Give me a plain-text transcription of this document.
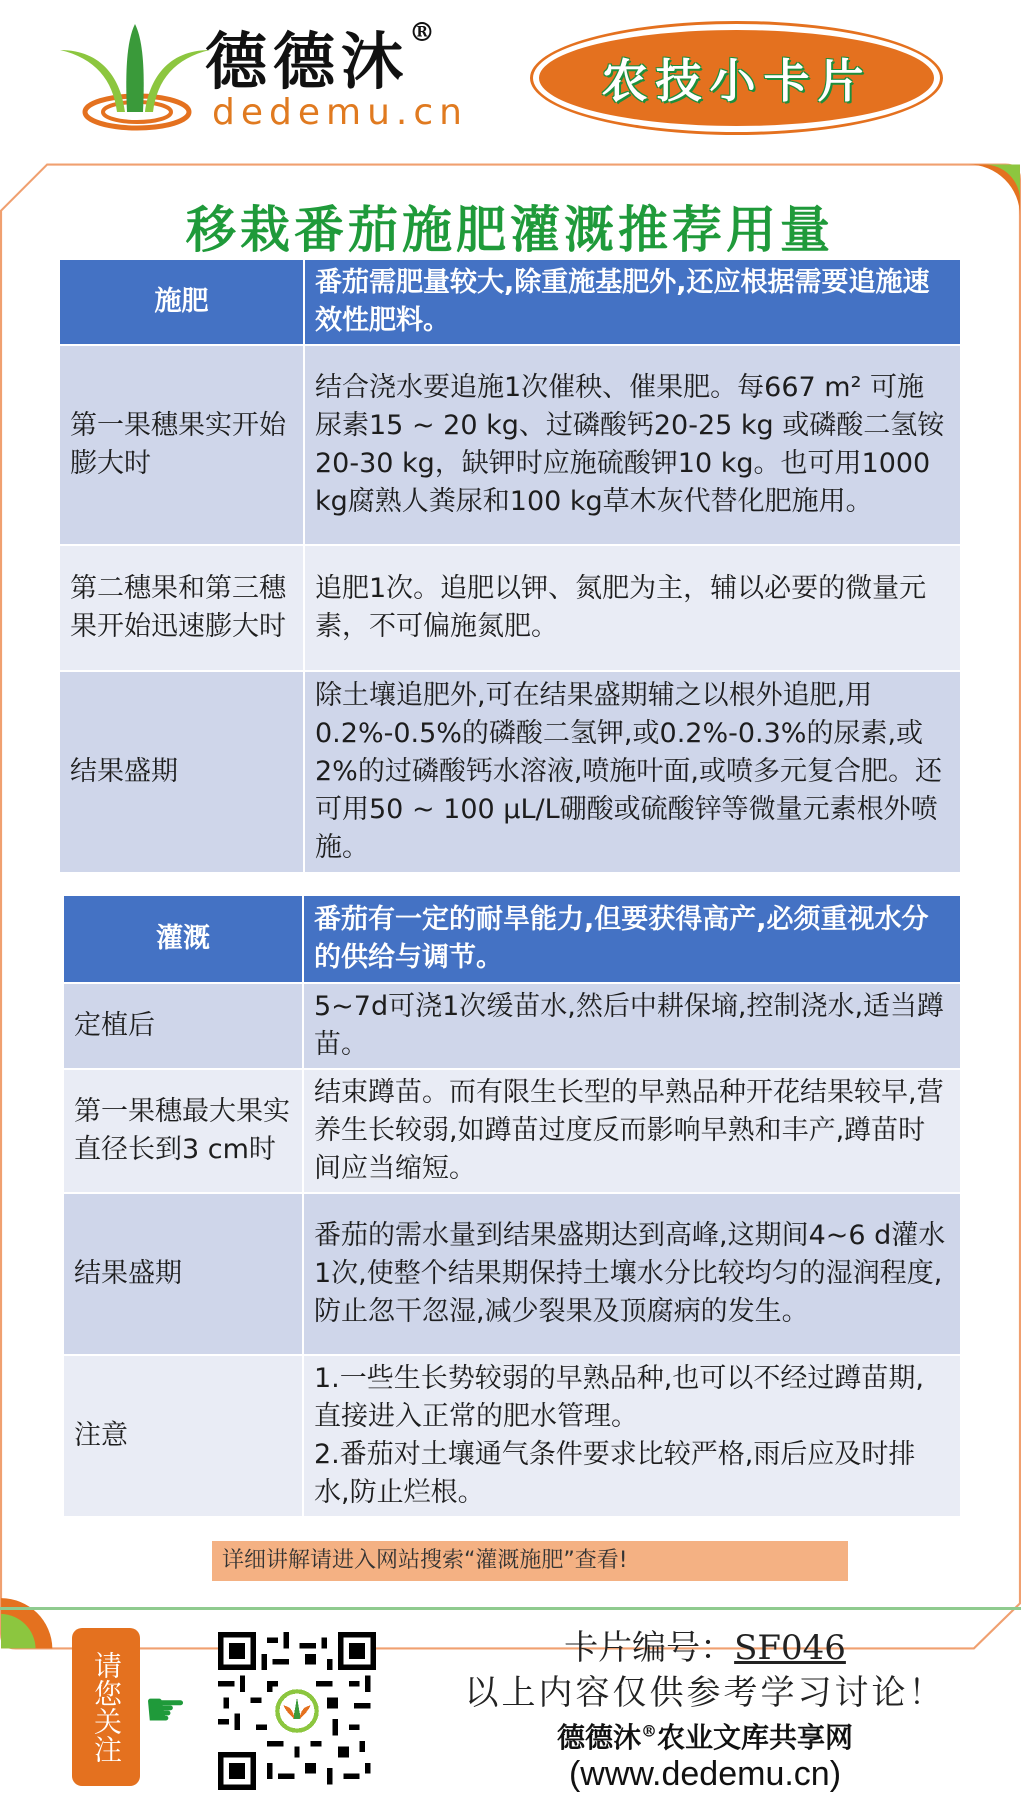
德德沐®
dedemu.cn
农技小卡片
移栽番茄施肥灌溉推荐用量
施肥	番茄需肥量较大,除重施基肥外,还应根据需要追施速效性肥料。
第一果穗果实开始膨大时	结合浇水要追施1次催秧、催果肥。每667 m² 可施尿素15 ~ 20 kg、过磷酸钙20-25 kg 或磷酸二氢铵20-30 kg，缺钾时应施硫酸钾10 kg。也可用1000 kg腐熟人粪尿和100 kg草木灰代替化肥施用。
第二穗果和第三穗果开始迅速膨大时	追肥1次。追肥以钾、氮肥为主，辅以必要的微量元素，不可偏施氮肥。
结果盛期	除土壤追肥外,可在结果盛期辅之以根外追肥,用0.2%-0.5%的磷酸二氢钾,或0.2%-0.3%的尿素,或2%的过磷酸钙水溶液,喷施叶面,或喷多元复合肥。还可用50 ~ 100 μL/L硼酸或硫酸锌等微量元素根外喷施。
灌溉	番茄有一定的耐旱能力,但要获得高产,必须重视水分的供给与调节。
定植后	5~7d可浇1次缓苗水,然后中耕保墒,控制浇水,适当蹲苗。
第一果穗最大果实直径长到3 cm时	结束蹲苗。而有限生长型的早熟品种开花结果较早,营养生长较弱,如蹲苗过度反而影响早熟和丰产,蹲苗时间应当缩短。
结果盛期	番茄的需水量到结果盛期达到高峰,这期间4~6 d灌水1次,使整个结果期保持土壤水分比较均匀的湿润程度,防止忽干忽湿,减少裂果及顶腐病的发生。
注意	1.一些生长势较弱的早熟品种,也可以不经过蹲苗期,直接进入正常的肥水管理。
2.番茄对土壤通气条件要求比较严格,雨后应及时排水,防止烂根。
详细讲解请进入网站搜索“灌溉施肥”查看!
请您关注 ☛
卡片编号：SF046
以上内容仅供参考学习讨论！
德德沐®农业文库共享网
(www.dedemu.cn)
